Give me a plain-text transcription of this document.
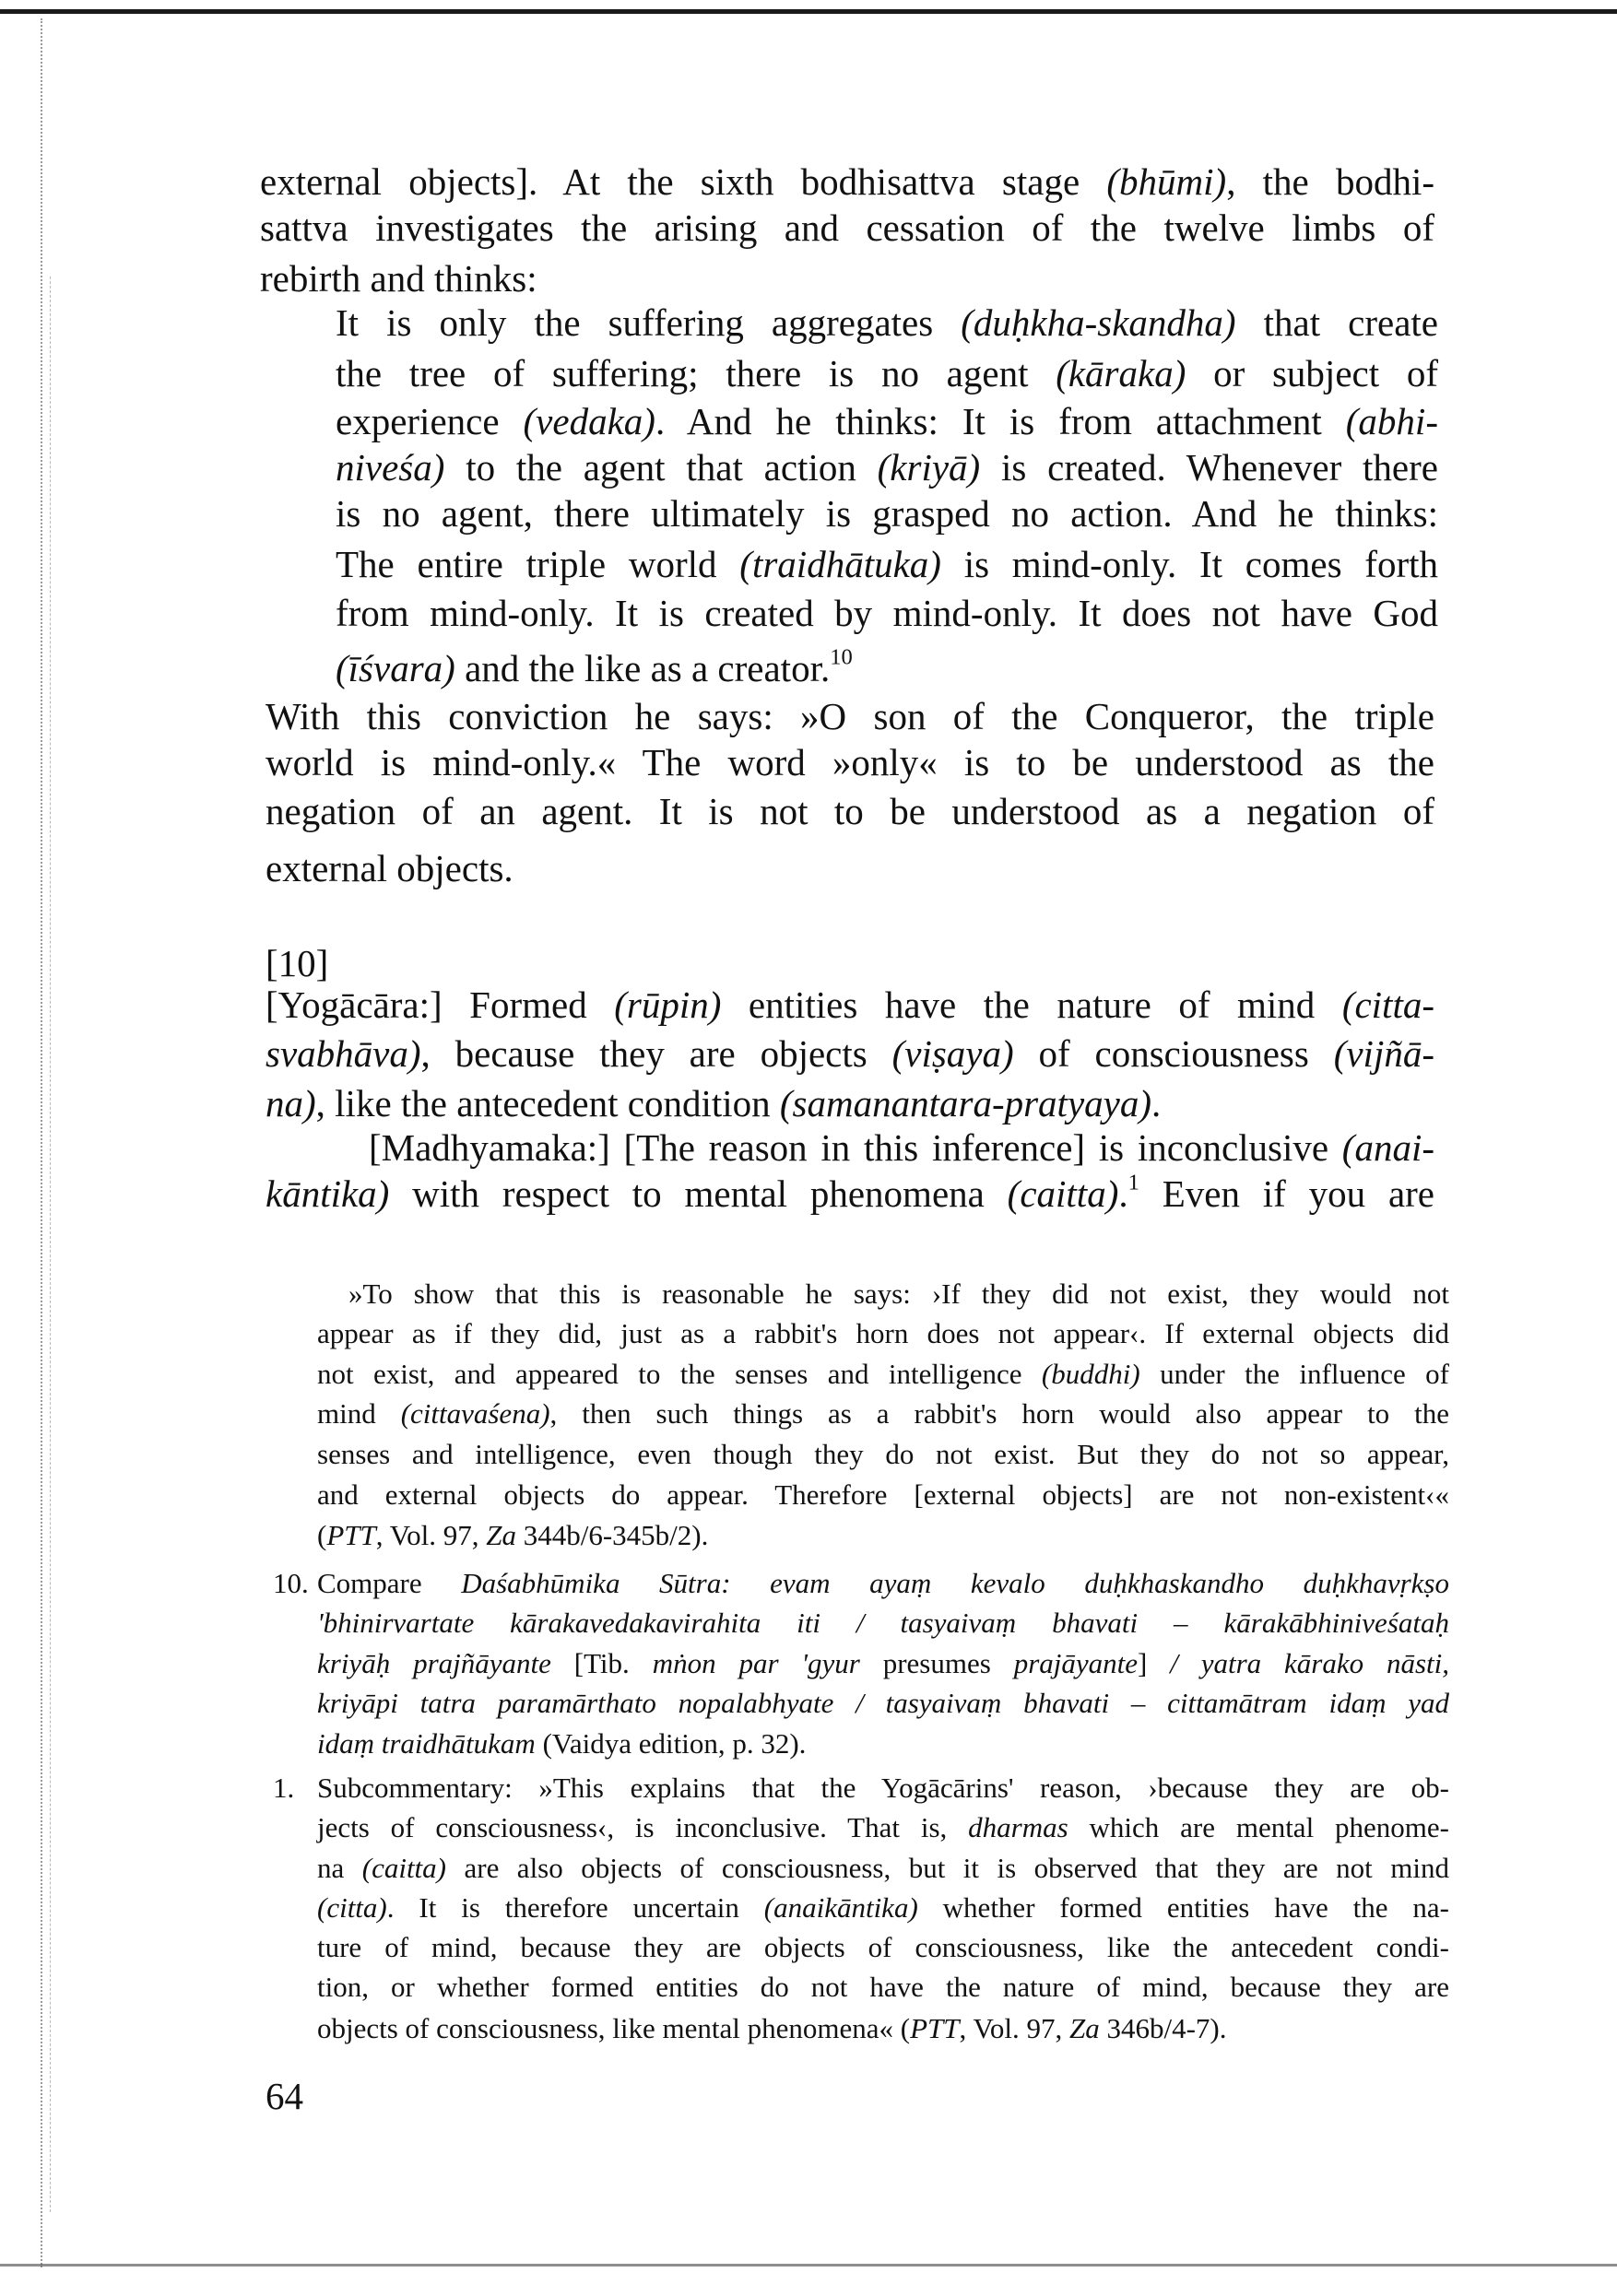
external objects]. At the sixth bodhisattva stage (bhūmi), the bodhi-
sattva investigates the arising and cessation of the twelve limbs of
rebirth and thinks:
It is only the suffering aggregates (duḥkha-skandha) that create
the tree of suffering; there is no agent (kāraka) or subject of
experience (vedaka). And he thinks: It is from attachment (abhi-
niveśa) to the agent that action (kriyā) is created. Whenever there
is no agent, there ultimately is grasped no action. And he thinks:
The entire triple world (traidhātuka) is mind-only. It comes forth
from mind-only. It is created by mind-only. It does not have God
(īśvara) and the like as a creator.$^{10}$
With this conviction he says: »O son of the Conqueror, the triple
world is mind-only.« The word »only« is to be understood as the
negation of an agent. It is not to be understood as a negation of
external objects.
[10]
[Yogācāra:] Formed (rūpin) entities have the nature of mind (citta-
svabhāva), because they are objects (viṣaya) of consciousness (vijñā-
na), like the antecedent condition (samanantara-pratyaya).
[Madhyamaka:] [The reason in this inference] is inconclusive (anai-
kāntika) with respect to mental phenomena (caitta).$^1$ Even if you are
»To show that this is reasonable he says: ›If they did not exist, they would not
appear as if they did, just as a rabbit's horn does not appear‹. If external objects did
not exist, and appeared to the senses and intelligence (buddhi) under the influence of
mind (cittavaśena), then such things as a rabbit's horn would also appear to the
senses and intelligence, even though they do not exist. But they do not so appear,
and external objects do appear. Therefore [external objects] are not non-existent‹«
(PTT, Vol. 97, Za 344b/6-345b/2).
10. Compare Daśabhūmika Sūtra: evam ayaṃ kevalo duḥkhaskandho duḥkhavṛkṣo
'bhinirvartate kārakavedakavirahita iti / tasyaivaṃ bhavati – kārakābhiniveśataḥ
kriyāḥ prajñāyante [Tib. mṅon par 'gyur presumes prajāyante] / yatra kārako nāsti,
kriyāpi tatra paramārthato nopalabhyate / tasyaivaṃ bhavati – cittamātram idaṃ yad
idaṃ traidhātukam (Vaidya edition, p. 32).
1. Subcommentary: »This explains that the Yogācārins' reason, ›because they are ob-
jects of consciousness‹, is inconclusive. That is, dharmas which are mental phenome-
na (caitta) are also objects of consciousness, but it is observed that they are not mind
(citta). It is therefore uncertain (anaikāntika) whether formed entities have the na-
ture of mind, because they are objects of consciousness, like the antecedent condi-
tion, or whether formed entities do not have the nature of mind, because they are
objects of consciousness, like mental phenomena« (PTT, Vol. 97, Za 346b/4-7).
64
